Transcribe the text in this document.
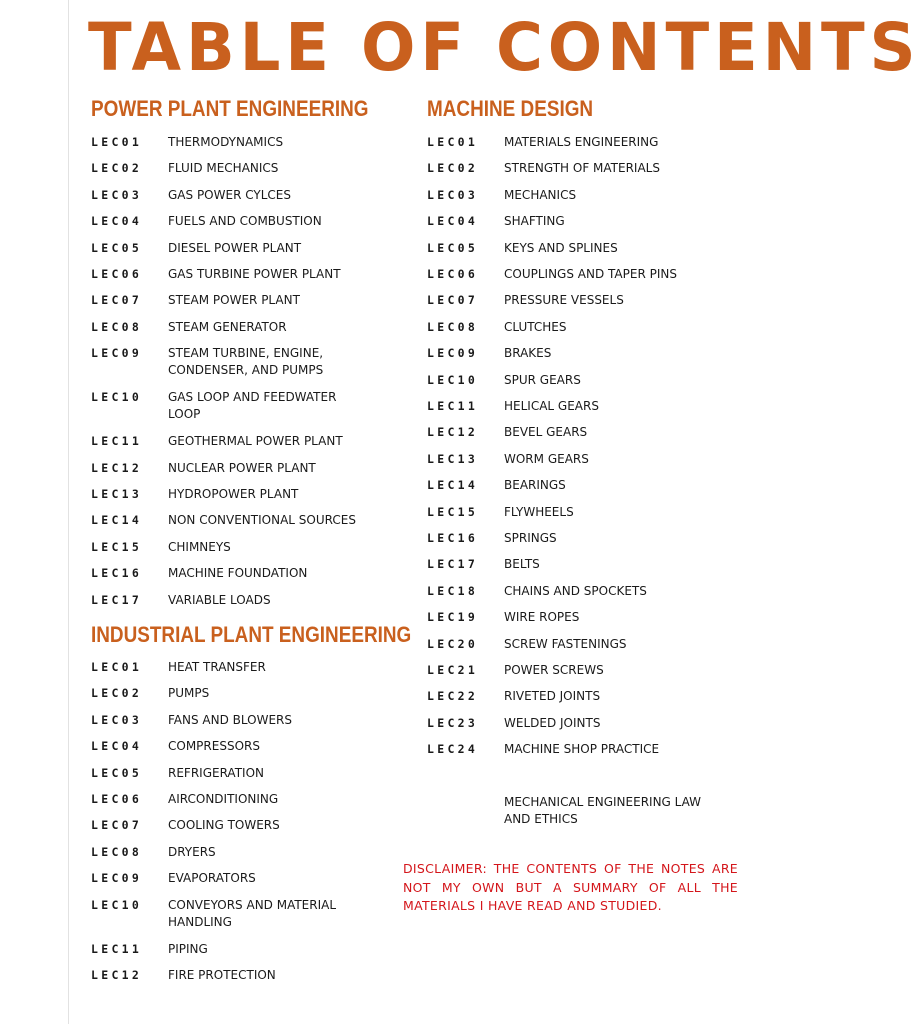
TABLE OF CONTENTS
POWER PLANT ENGINEERING
LEC01 THERMODYNAMICS
LEC02 FLUID MECHANICS
LEC03 GAS POWER CYLCES
LEC04 FUELS AND COMBUSTION
LEC05 DIESEL POWER PLANT
LEC06 GAS TURBINE POWER PLANT
LEC07 STEAM POWER PLANT
LEC08 STEAM GENERATOR
LEC09 STEAM TURBINE, ENGINE, CONDENSER, AND PUMPS
LEC10 GAS LOOP AND FEEDWATER LOOP
LEC11 GEOTHERMAL POWER PLANT
LEC12 NUCLEAR POWER PLANT
LEC13 HYDROPOWER PLANT
LEC14 NON CONVENTIONAL SOURCES
LEC15 CHIMNEYS
LEC16 MACHINE FOUNDATION
LEC17 VARIABLE LOADS
INDUSTRIAL PLANT ENGINEERING
LEC01 HEAT TRANSFER
LEC02 PUMPS
LEC03 FANS AND BLOWERS
LEC04 COMPRESSORS
LEC05 REFRIGERATION
LEC06 AIRCONDITIONING
LEC07 COOLING TOWERS
LEC08 DRYERS
LEC09 EVAPORATORS
LEC10 CONVEYORS AND MATERIAL HANDLING
LEC11 PIPING
LEC12 FIRE PROTECTION
MACHINE DESIGN
LEC01 MATERIALS ENGINEERING
LEC02 STRENGTH OF MATERIALS
LEC03 MECHANICS
LEC04 SHAFTING
LEC05 KEYS AND SPLINES
LEC06 COUPLINGS AND TAPER PINS
LEC07 PRESSURE VESSELS
LEC08 CLUTCHES
LEC09 BRAKES
LEC10 SPUR GEARS
LEC11 HELICAL GEARS
LEC12 BEVEL GEARS
LEC13 WORM GEARS
LEC14 BEARINGS
LEC15 FLYWHEELS
LEC16 SPRINGS
LEC17 BELTS
LEC18 CHAINS AND SPOCKETS
LEC19 WIRE ROPES
LEC20 SCREW FASTENINGS
LEC21 POWER SCREWS
LEC22 RIVETED JOINTS
LEC23 WELDED JOINTS
LEC24 MACHINE SHOP PRACTICE
MECHANICAL ENGINEERING LAW AND ETHICS
DISCLAIMER: THE CONTENTS OF THE NOTES ARE NOT MY OWN BUT A SUMMARY OF ALL THE MATERIALS I HAVE READ AND STUDIED.
